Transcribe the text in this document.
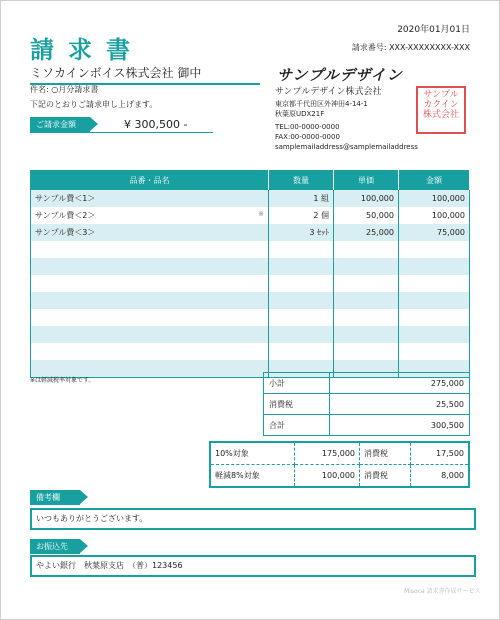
請求書
2020年01月01日
請求番号: XXX-XXXXXXXX-XXX
ミソカインボイス株式会社 御中
件名: ○月分請求書
下記のとおりご請求申し上げます。
ご請求金額	¥ 300,500 -
サンプルデザイン
サンプルデザイン株式会社
東京都千代田区外神田4-14-1
秋葉原UDX21F
TEL:00-0000-0000
FAX:00-0000-0000
samplemailaddress@samplemailaddress
サンプル
カクイン
株式会社
品番・品名	数量	単価	金額
サンプル費＜1＞	1 組	100,000	100,000
サンプル費＜2＞ ※	2 個	50,000	100,000
サンプル費＜3＞	3 ｾｯﾄ	25,000	75,000

※は軽減税率対象です。	小計	275,000
消費税	25,500
合計	300,500
10%対象	175,000	消費税	17,500
軽減8%対象	100,000	消費税	8,000
備考欄
いつもありがとうございます。
お振込先
やよい銀行　秋葉原支店　（普）123456
Misoca 請求書作成サービス
